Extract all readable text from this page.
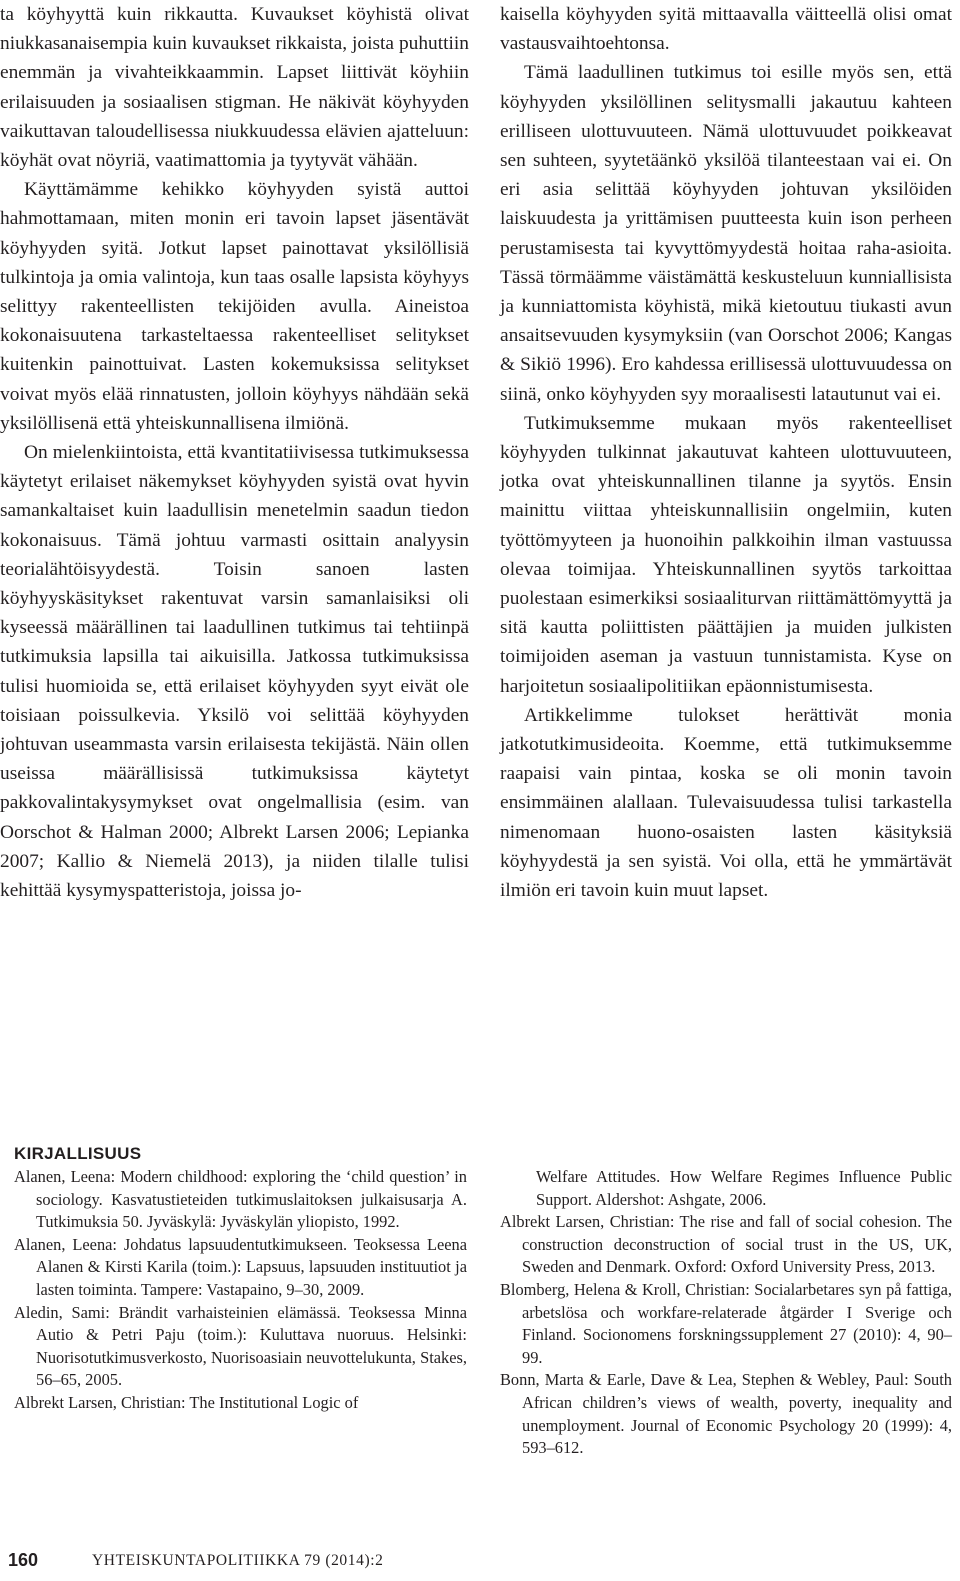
ta köyhyyttä kuin rikkautta. Kuvaukset köyhistä olivat niukkasanaisempia kuin kuvaukset rikkaista, joista puhuttiin enemmän ja vivahteikkaammin. Lapset liittivät köyhiin erilaisuuden ja sosiaalisen stigman. He näkivät köyhyyden vaikuttavan taloudellisessa niukkuudessa elävien ajatteluun: köyhät ovat nöyriä, vaatimattomia ja tyytyvät vähään.

Käyttämämme kehikko köyhyyden syistä auttoi hahmottamaan, miten monin eri tavoin lapset jäsentävät köyhyyden syitä. Jotkut lapset painottavat yksilöllisiä tulkintoja ja omia valintoja, kun taas osalle lapsista köyhyys selittyy rakenteellisten tekijöiden avulla. Aineistoa kokonaisuutena tarkasteltaessa rakenteelliset selitykset kuitenkin painottuivat. Lasten kokemuksissa selitykset voivat myös elää rinnatusten, jolloin köyhyys nähdään sekä yksilöllisenä että yhteiskunnallisena ilmiönä.

On mielenkiintoista, että kvantitatiivisessa tutkimuksessa käytetyt erilaiset näkemykset köyhyyden syistä ovat hyvin samankaltaiset kuin laadullisin menetelmin saadun tiedon kokonaisuus. Tämä johtuu varmasti osittain analyysin teorialähtöisyydestä. Toisin sanoen lasten köyhyyskäsitykset rakentuvat varsin samanlaisiksi oli kyseessä määrällinen tai laadullinen tutkimus tai tehtiinpä tutkimuksia lapsilla tai aikuisilla. Jatkossa tutkimuksissa tulisi huomioida se, että erilaiset köyhyyden syyt eivät ole toisiaan poissulkevia. Yksilö voi selittää köyhyyden johtuvan useammasta varsin erilaisesta tekijästä. Näin ollen useissa määrällisissä tutkimuksissa käytetyt pakkovalintakysymykset ovat ongelmallisia (esim. van Oorschot & Halman 2000; Albrekt Larsen 2006; Lepianka 2007; Kallio & Niemelä 2013), ja niiden tilalle tulisi kehittää kysymyspatteristoja, joissa jo-

kaisella köyhyyden syitä mittaavalla väitteellä olisi omat vastausvaihtoehtonsa.

Tämä laadullinen tutkimus toi esille myös sen, että köyhyyden yksilöllinen selitysmalli jakautuu kahteen erilliseen ulottuvuuteen. Nämä ulottuvuudet poikkeavat sen suhteen, syytetäänkö yksilöä tilanteestaan vai ei. On eri asia selittää köyhyyden johtuvan yksilöiden laiskuudesta ja yrittämisen puutteesta kuin ison perheen perustamisesta tai kyvyttömyydestä hoitaa raha-asioita. Tässä törmäämme väistämättä keskusteluun kunniallisista ja kunniattomista köyhistä, mikä kietoutuu tiukasti avun ansaitsevuuden kysymyksiin (van Oorschot 2006; Kangas & Sikiö 1996). Ero kahdessa erillisessä ulottuvuudessa on siinä, onko köyhyyden syy moraalisesti latautunut vai ei.

Tutkimuksemme mukaan myös rakenteelliset köyhyyden tulkinnat jakautuvat kahteen ulottuvuuteen, jotka ovat yhteiskunnallinen tilanne ja syytös. Ensin mainittu viittaa yhteiskunnallisiin ongelmiin, kuten työttömyyteen ja huonoihin palkkoihin ilman vastuussa olevaa toimijaa. Yhteiskunnallinen syytös tarkoittaa puolestaan esimerkiksi sosiaaliturvan riittämättömyyttä ja sitä kautta poliittisten päättäjien ja muiden julkisten toimijoiden aseman ja vastuun tunnistamista. Kyse on harjoitetun sosiaalipolitiikan epäonnistumisesta.

Artikkelimme tulokset herättivät monia jatkotutkimusideoita. Koemme, että tutkimuksemme raapaisi vain pintaa, koska se oli monin tavoin ensimmäinen alallaan. Tulevaisuudessa tulisi tarkastella nimenomaan huono-osaisten lasten käsityksiä köyhyydestä ja sen syistä. Voi olla, että he ymmärtävät ilmiön eri tavoin kuin muut lapset.

KIRJALLISUUS

Alanen, Leena: Modern childhood: exploring the ‘child question’ in sociology. Kasvatustieteiden tutkimuslaitoksen julkaisusarja A. Tutkimuksia 50. Jyväskylä: Jyväskylän yliopisto, 1992.

Alanen, Leena: Johdatus lapsuudentutkimukseen. Teoksessa Leena Alanen & Kirsti Karila (toim.): Lapsuus, lapsuuden instituutiot ja lasten toiminta. Tampere: Vastapaino, 9–30, 2009.

Aledin, Sami: Brändit varhaisteinien elämässä. Teoksessa Minna Autio & Petri Paju (toim.): Kuluttava nuoruus. Helsinki: Nuorisotutkimusverkosto, Nuorisoasiain neuvottelukunta, Stakes, 56–65, 2005.

Albrekt Larsen, Christian: The Institutional Logic of

Welfare Attitudes. How Welfare Regimes Influence Public Support. Aldershot: Ashgate, 2006.

Albrekt Larsen, Christian: The rise and fall of social cohesion. The construction deconstruction of social trust in the US, UK, Sweden and Denmark. Oxford: Oxford University Press, 2013.

Blomberg, Helena & Kroll, Christian: Socialarbetares syn på fattiga, arbetslösa och workfare-relaterade åtgärder I Sverige och Finland. Socionomens forskningssupplement 27 (2010): 4, 90–99.

Bonn, Marta & Earle, Dave & Lea, Stephen & Webley, Paul: South African children’s views of wealth, poverty, inequality and unemployment. Journal of Economic Psychology 20 (1999): 4, 593–612.

160	YHTEISKUNTAPOLITIIKKA 79 (2014):2
